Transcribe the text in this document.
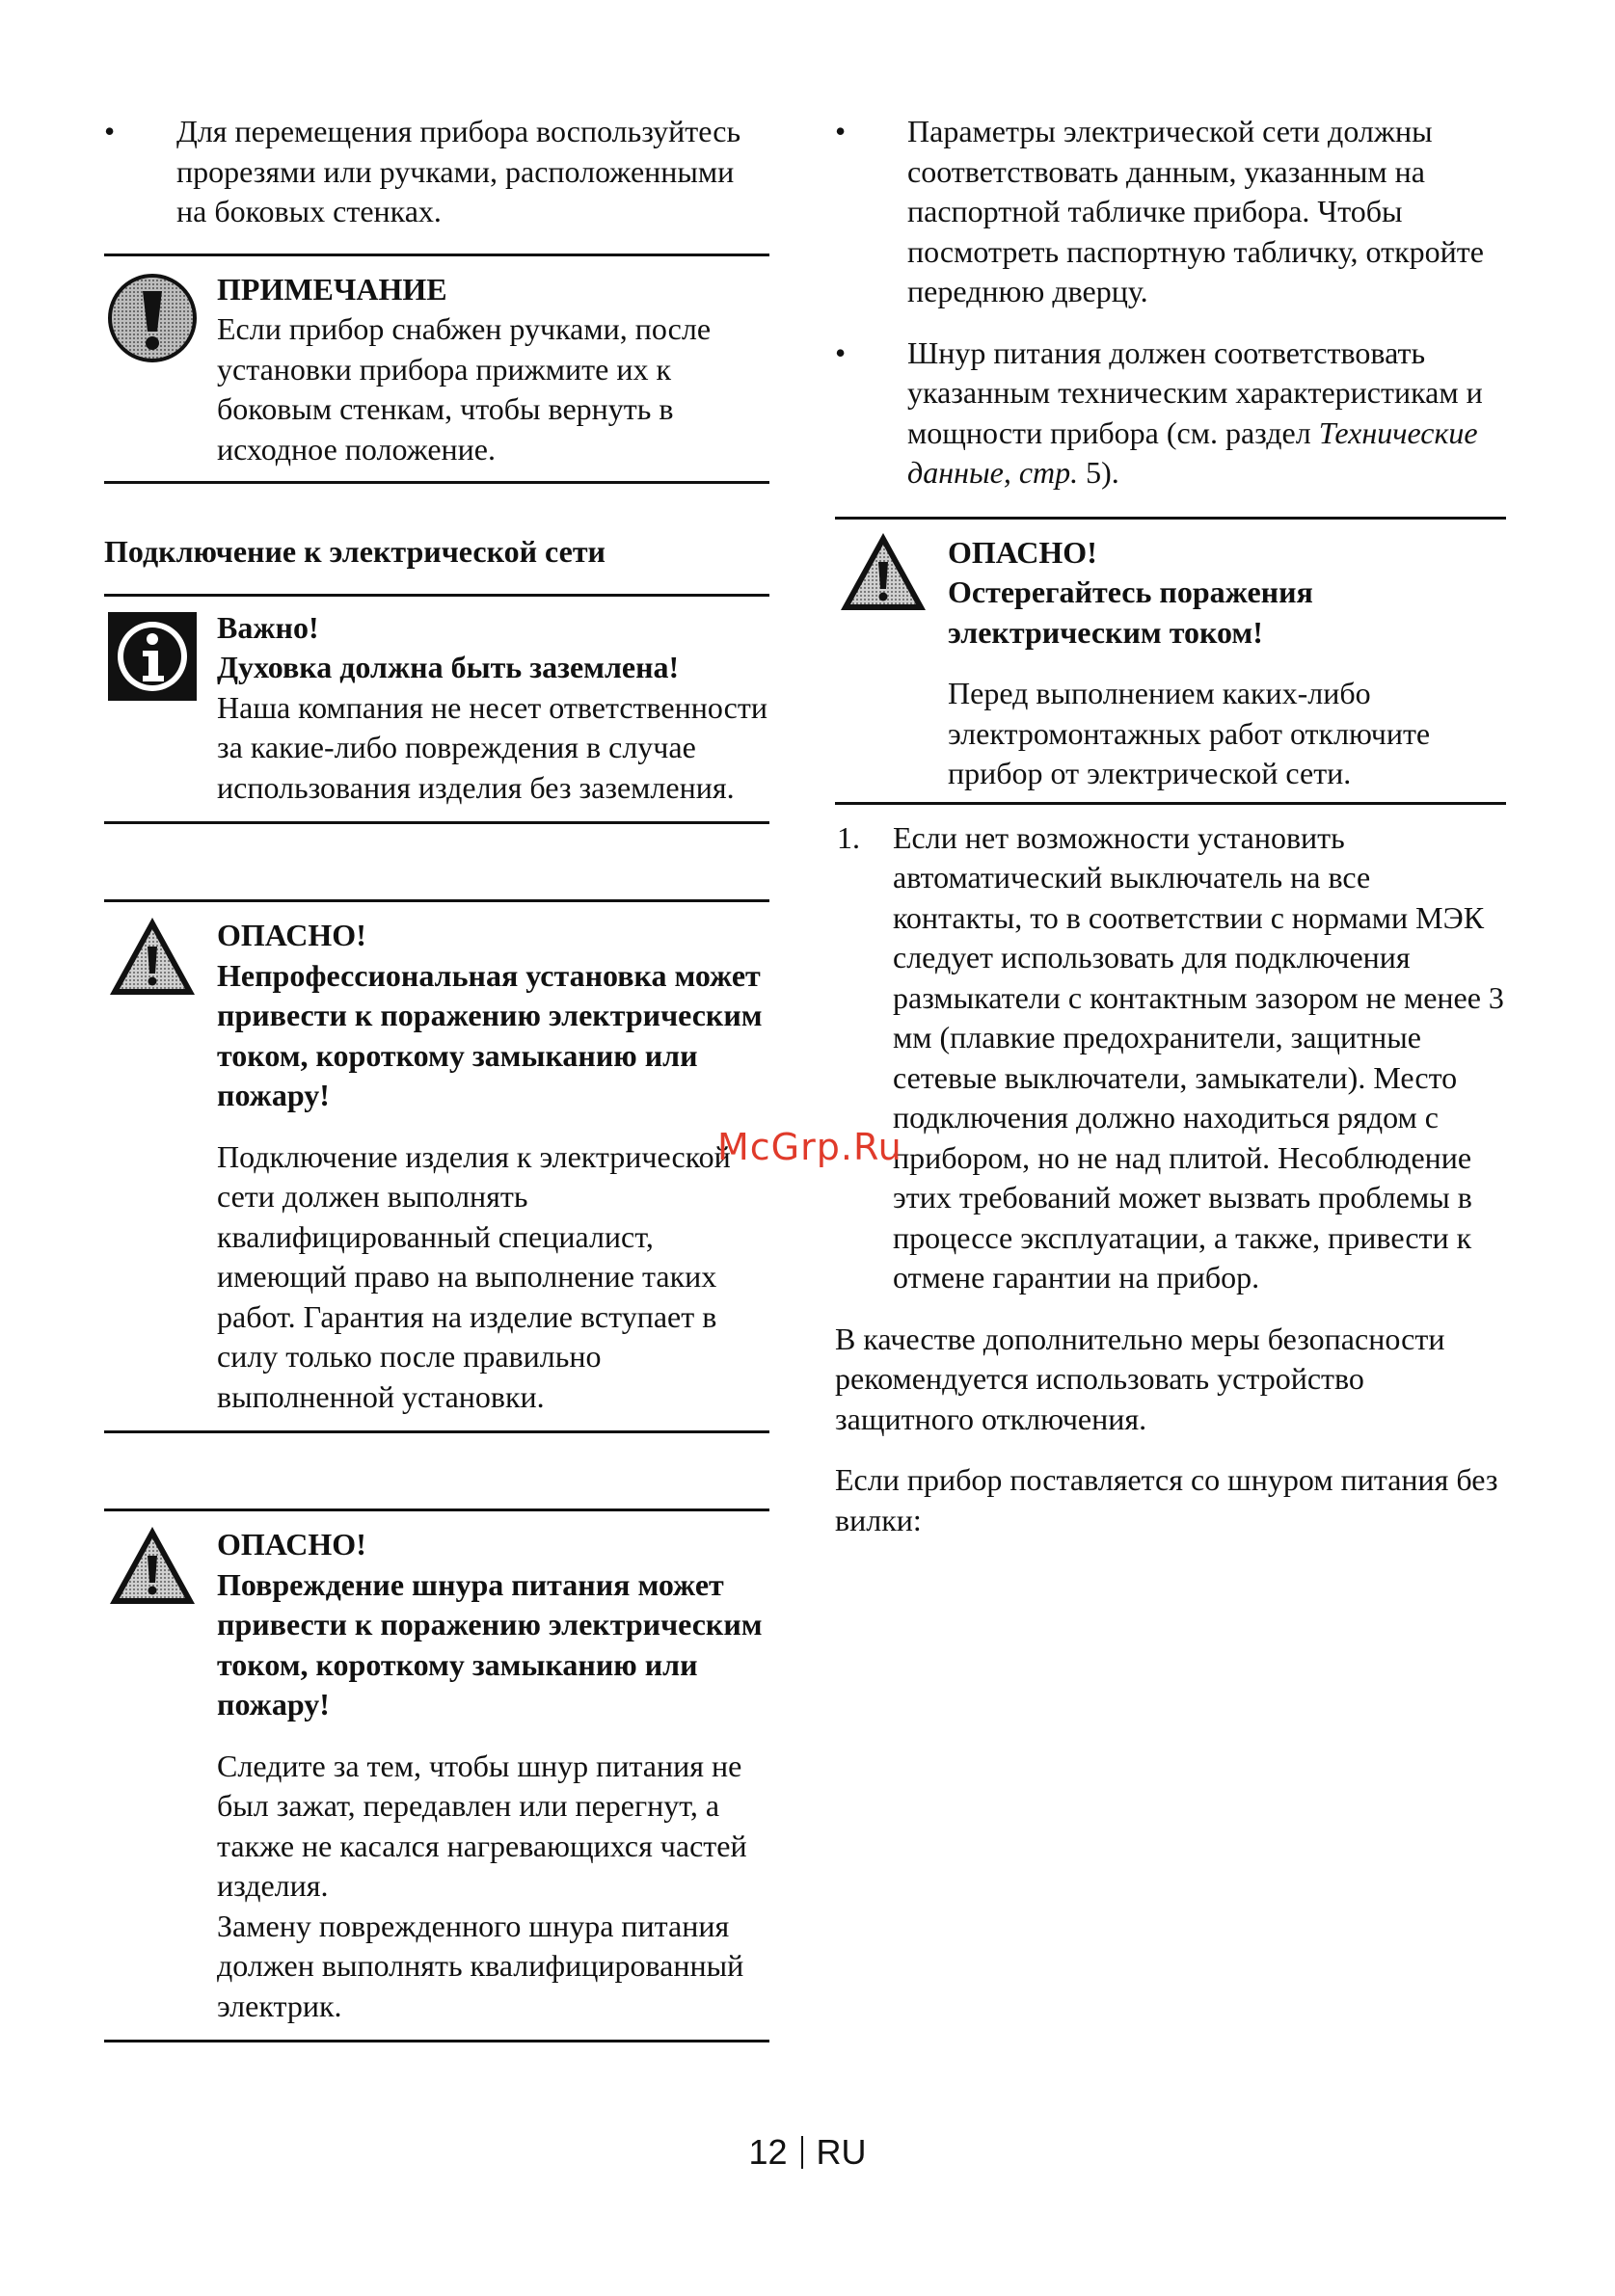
• Для перемещения прибора воспользуйтесь прорезями или ручками, расположенными на боковых стенках.

ПРИМЕЧАНИЕ

Если прибор снабжен ручками, после установки прибора прижмите их к боковым стенкам, чтобы вернуть в исходное положение.

Подключение к электрической сети

Важно!

Духовка должна быть заземлена!

Наша компания не несет ответственности за какие-либо повреждения в случае использования изделия без заземления.

ОПАСНО!

Непрофессиональная установка может привести к поражению электрическим током, короткому замыканию или пожару!

Подключение изделия к электрической сети должен выполнять квалифицированный специалист, имеющий право на выполнение таких работ. Гарантия на изделие вступает в силу только после правильно выполненной установки.

ОПАСНО!

Повреждение шнура питания может привести к поражению электрическим током, короткому замыканию или пожару!

Следите за тем, чтобы шнур питания не был зажат, передавлен или перегнут, а также не касался нагревающихся частей изделия.

Замену поврежденного шнура питания должен выполнять квалифицированный электрик.

• Параметры электрической сети должны соответствовать данным, указанным на паспортной табличке прибора. Чтобы посмотреть паспортную табличку, откройте переднюю дверцу.

• Шнур питания должен соответствовать указанным техническим характеристикам и мощности прибора (см. раздел Технические данные, стр. 5).

ОПАСНО!

Остерегайтесь поражения электрическим током!

Перед выполнением каких-либо электромонтажных работ отключите прибор от электрической сети.

1. Если нет возможности установить автоматический выключатель на все контакты, то в соответствии с нормами МЭК следует использовать для подключения размыкатели с контактным зазором не менее 3 мм (плавкие предохранители, защитные сетевые выключатели, замыкатели). Место подключения должно находиться рядом с прибором, но не над плитой. Несоблюдение этих требований может вызвать проблемы в процессе эксплуатации, а также, привести к отмене гарантии на прибор.

В качестве дополнительно меры безопасности рекомендуется использовать устройство защитного отключения.

Если прибор поставляется со шнуром питания без вилки:

McGrp.Ru
12 RU
